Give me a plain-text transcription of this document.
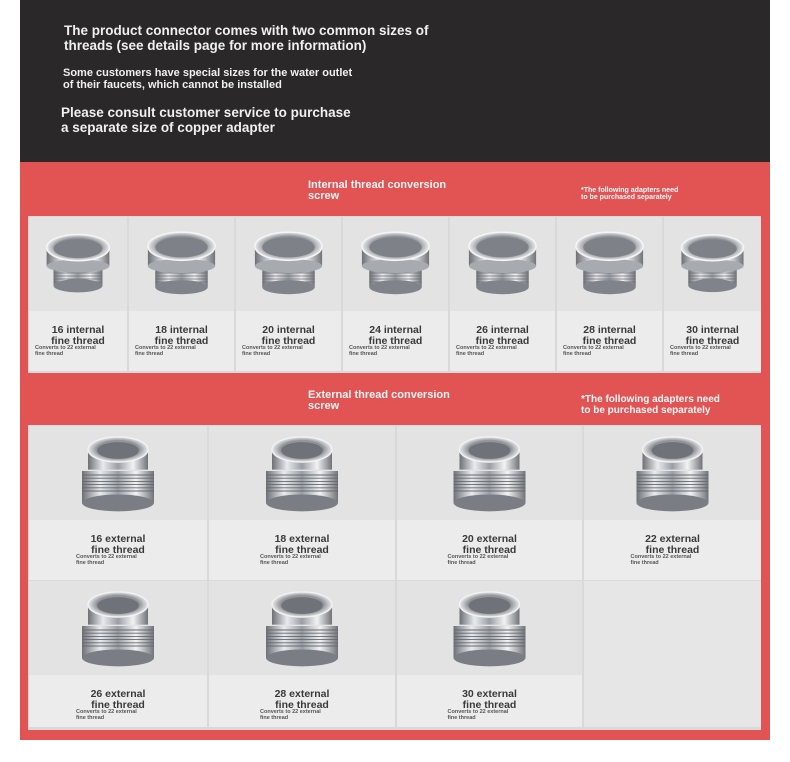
The product connector comes with two common sizes of
threads (see details page for more information)
Some customers have special sizes for the water outlet
of their faucets, which cannot be installed
Please consult customer service to purchase
a separate size of copper adapter
Internal thread conversion
screw	*The following adapters need
to be purchased separately
External thread conversion
screw
*The following adapters need
to be purchased separately
16 internal
fine thread
Converts to 22 external
fine thread
18 internal
fine thread
Converts to 22 external
fine thread
20 internal
fine thread
Converts to 22 external
fine thread
24 internal
fine thread
Converts to 22 external
fine thread
26 internal
fine thread
Converts to 22 external
fine thread
28 internal
fine thread
Converts to 22 external
fine thread
30 internal
fine thread
Converts to 22 external
fine thread
16 external
fine thread
Converts to 22 external
fine thread
18 external
fine thread
Converts to 22 external
fine thread
20 external
fine thread
Converts to 22 external
fine thread
22 external
fine thread
Converts to 22 external
fine thread
26 external
fine thread
Converts to 22 external
fine thread
28 external
fine thread
Converts to 22 external
fine thread
30 external
fine thread
Converts to 22 external
fine thread
